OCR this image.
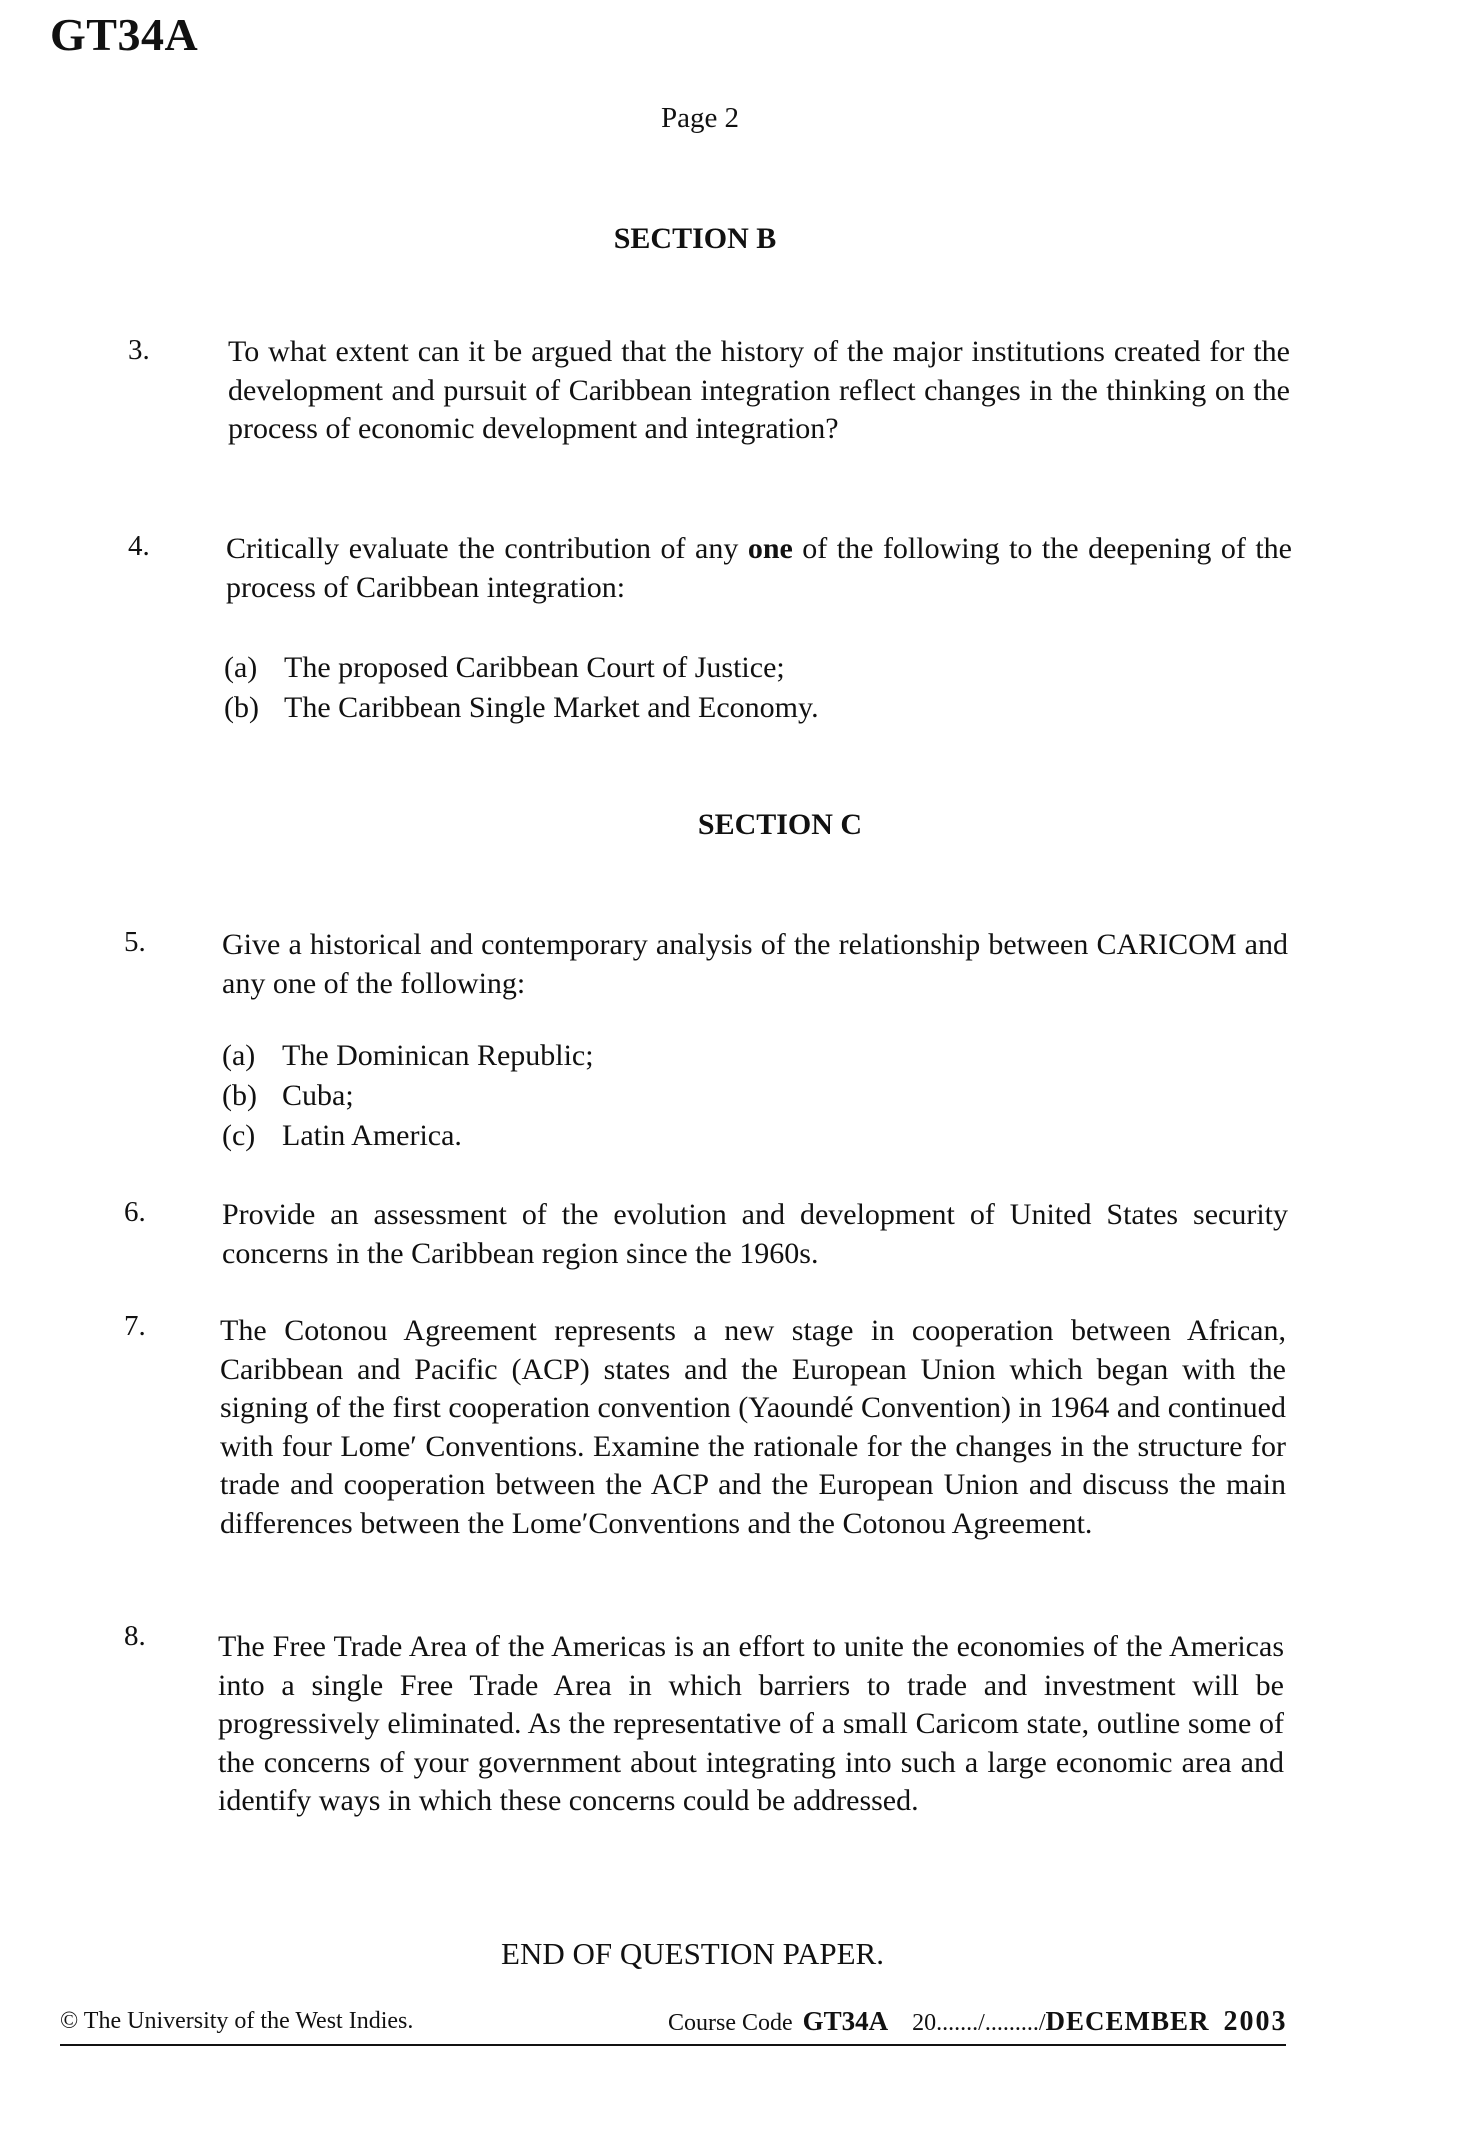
GT34A
Page 2
SECTION B
3.	To what extent can it be argued that the history of the major institutions created for the development and pursuit of Caribbean integration reflect changes in the thinking on the process of economic development and integration?
4.	Critically evaluate the contribution of any one of the following to the deepening of the process of Caribbean integration:
(a) The proposed Caribbean Court of Justice;
(b) The Caribbean Single Market and Economy.
SECTION C
5.	Give a historical and contemporary analysis of the relationship between CARICOM and any one of the following:
(a) The Dominican Republic;
(b) Cuba;
(c) Latin America.
6.	Provide an assessment of the evolution and development of United States security concerns in the Caribbean region since the 1960s.
7. The Cotonou Agreement represents a new stage in cooperation between African, Caribbean and Pacific (ACP) states and the European Union which began with the signing of the first cooperation convention (Yaoundé Convention) in 1964 and continued with four Lome′ Conventions. Examine the rationale for the changes in the structure for trade and cooperation between the ACP and the European Union and discuss the main differences between the Lome′Conventions and the Cotonou Agreement.
8. The Free Trade Area of the Americas is an effort to unite the economies of the Americas into a single Free Trade Area in which barriers to trade and investment will be progressively eliminated. As the representative of a small Caricom state, outline some of the concerns of your government about integrating into such a large economic area and identify ways in which these concerns could be addressed.
END OF QUESTION PAPER.
© The University of the West Indies.	Course Code GT34A 20......./........./DECEMBER 2003
